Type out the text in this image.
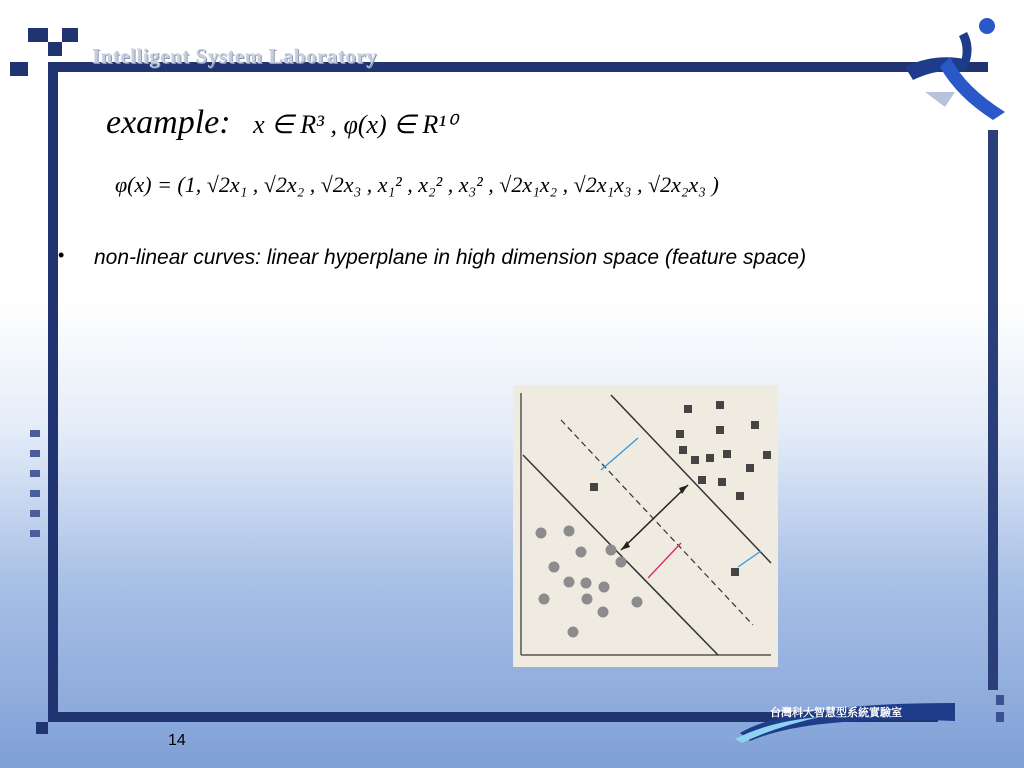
Intelligent System Laboratory
example: x ∈ R³ , φ(x) ∈ R¹⁰
φ(x) = (1, √2x₁ , √2x₂ , √2x₃ , x₁² , x₂² , x₃² , √2x₁x₂ , √2x₁x₃ , √2x₂x₃ )
• non-linear curves: linear hyperplane in high dimension space (feature space)
台灣科大智慧型系統實驗室
14
